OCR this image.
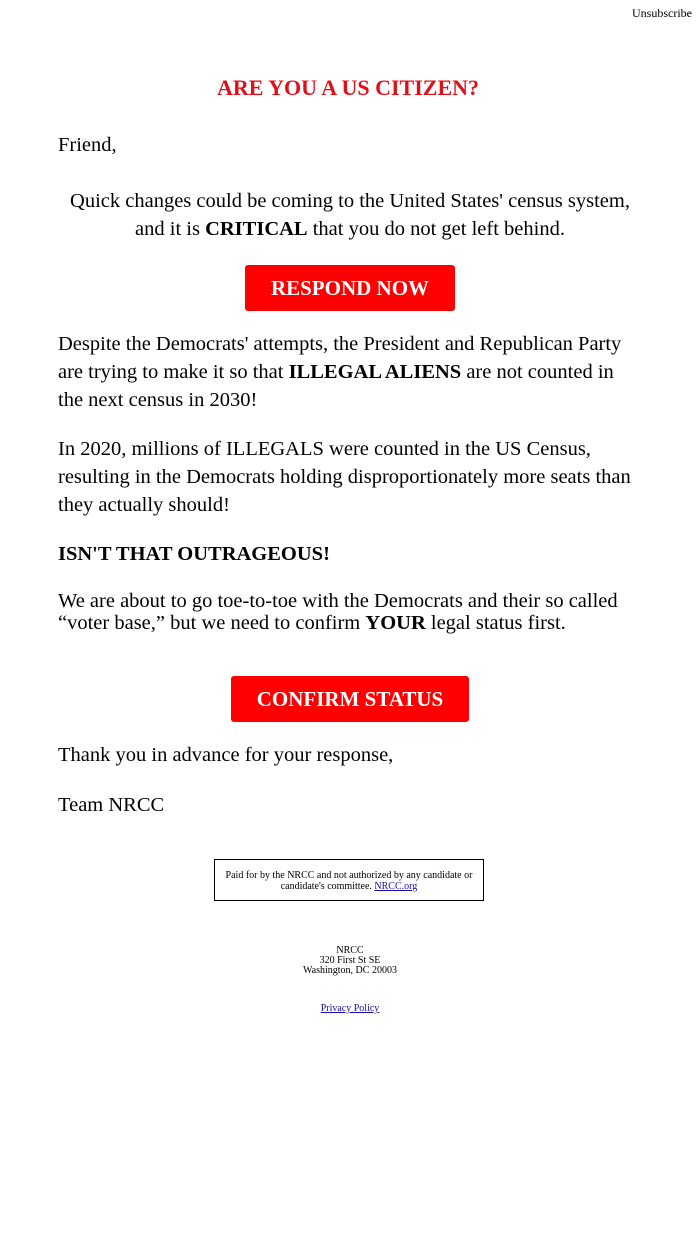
Unsubscribe
ARE YOU A US CITIZEN?
Friend,
Quick changes could be coming to the United States' census system, and it is CRITICAL that you do not get left behind.
Despite the Democrats' attempts, the President and Republican Party are trying to make it so that ILLEGAL ALIENS are not counted in the next census in 2030!
In 2020, millions of ILLEGALS were counted in the US Census, resulting in the Democrats holding disproportionately more seats than they actually should!
ISN'T THAT OUTRAGEOUS!
We are about to go toe-to-toe with the Democrats and their so called “voter base,” but we need to confirm YOUR legal status first.
Thank you in advance for your response,
Team NRCC
RESPOND NOW
CONFIRM STATUS
Paid for by the NRCC and not authorized by any candidate or candidate's committee. NRCC.org
NRCC
320 First St SE
Washington, DC 20003
Privacy Policy
